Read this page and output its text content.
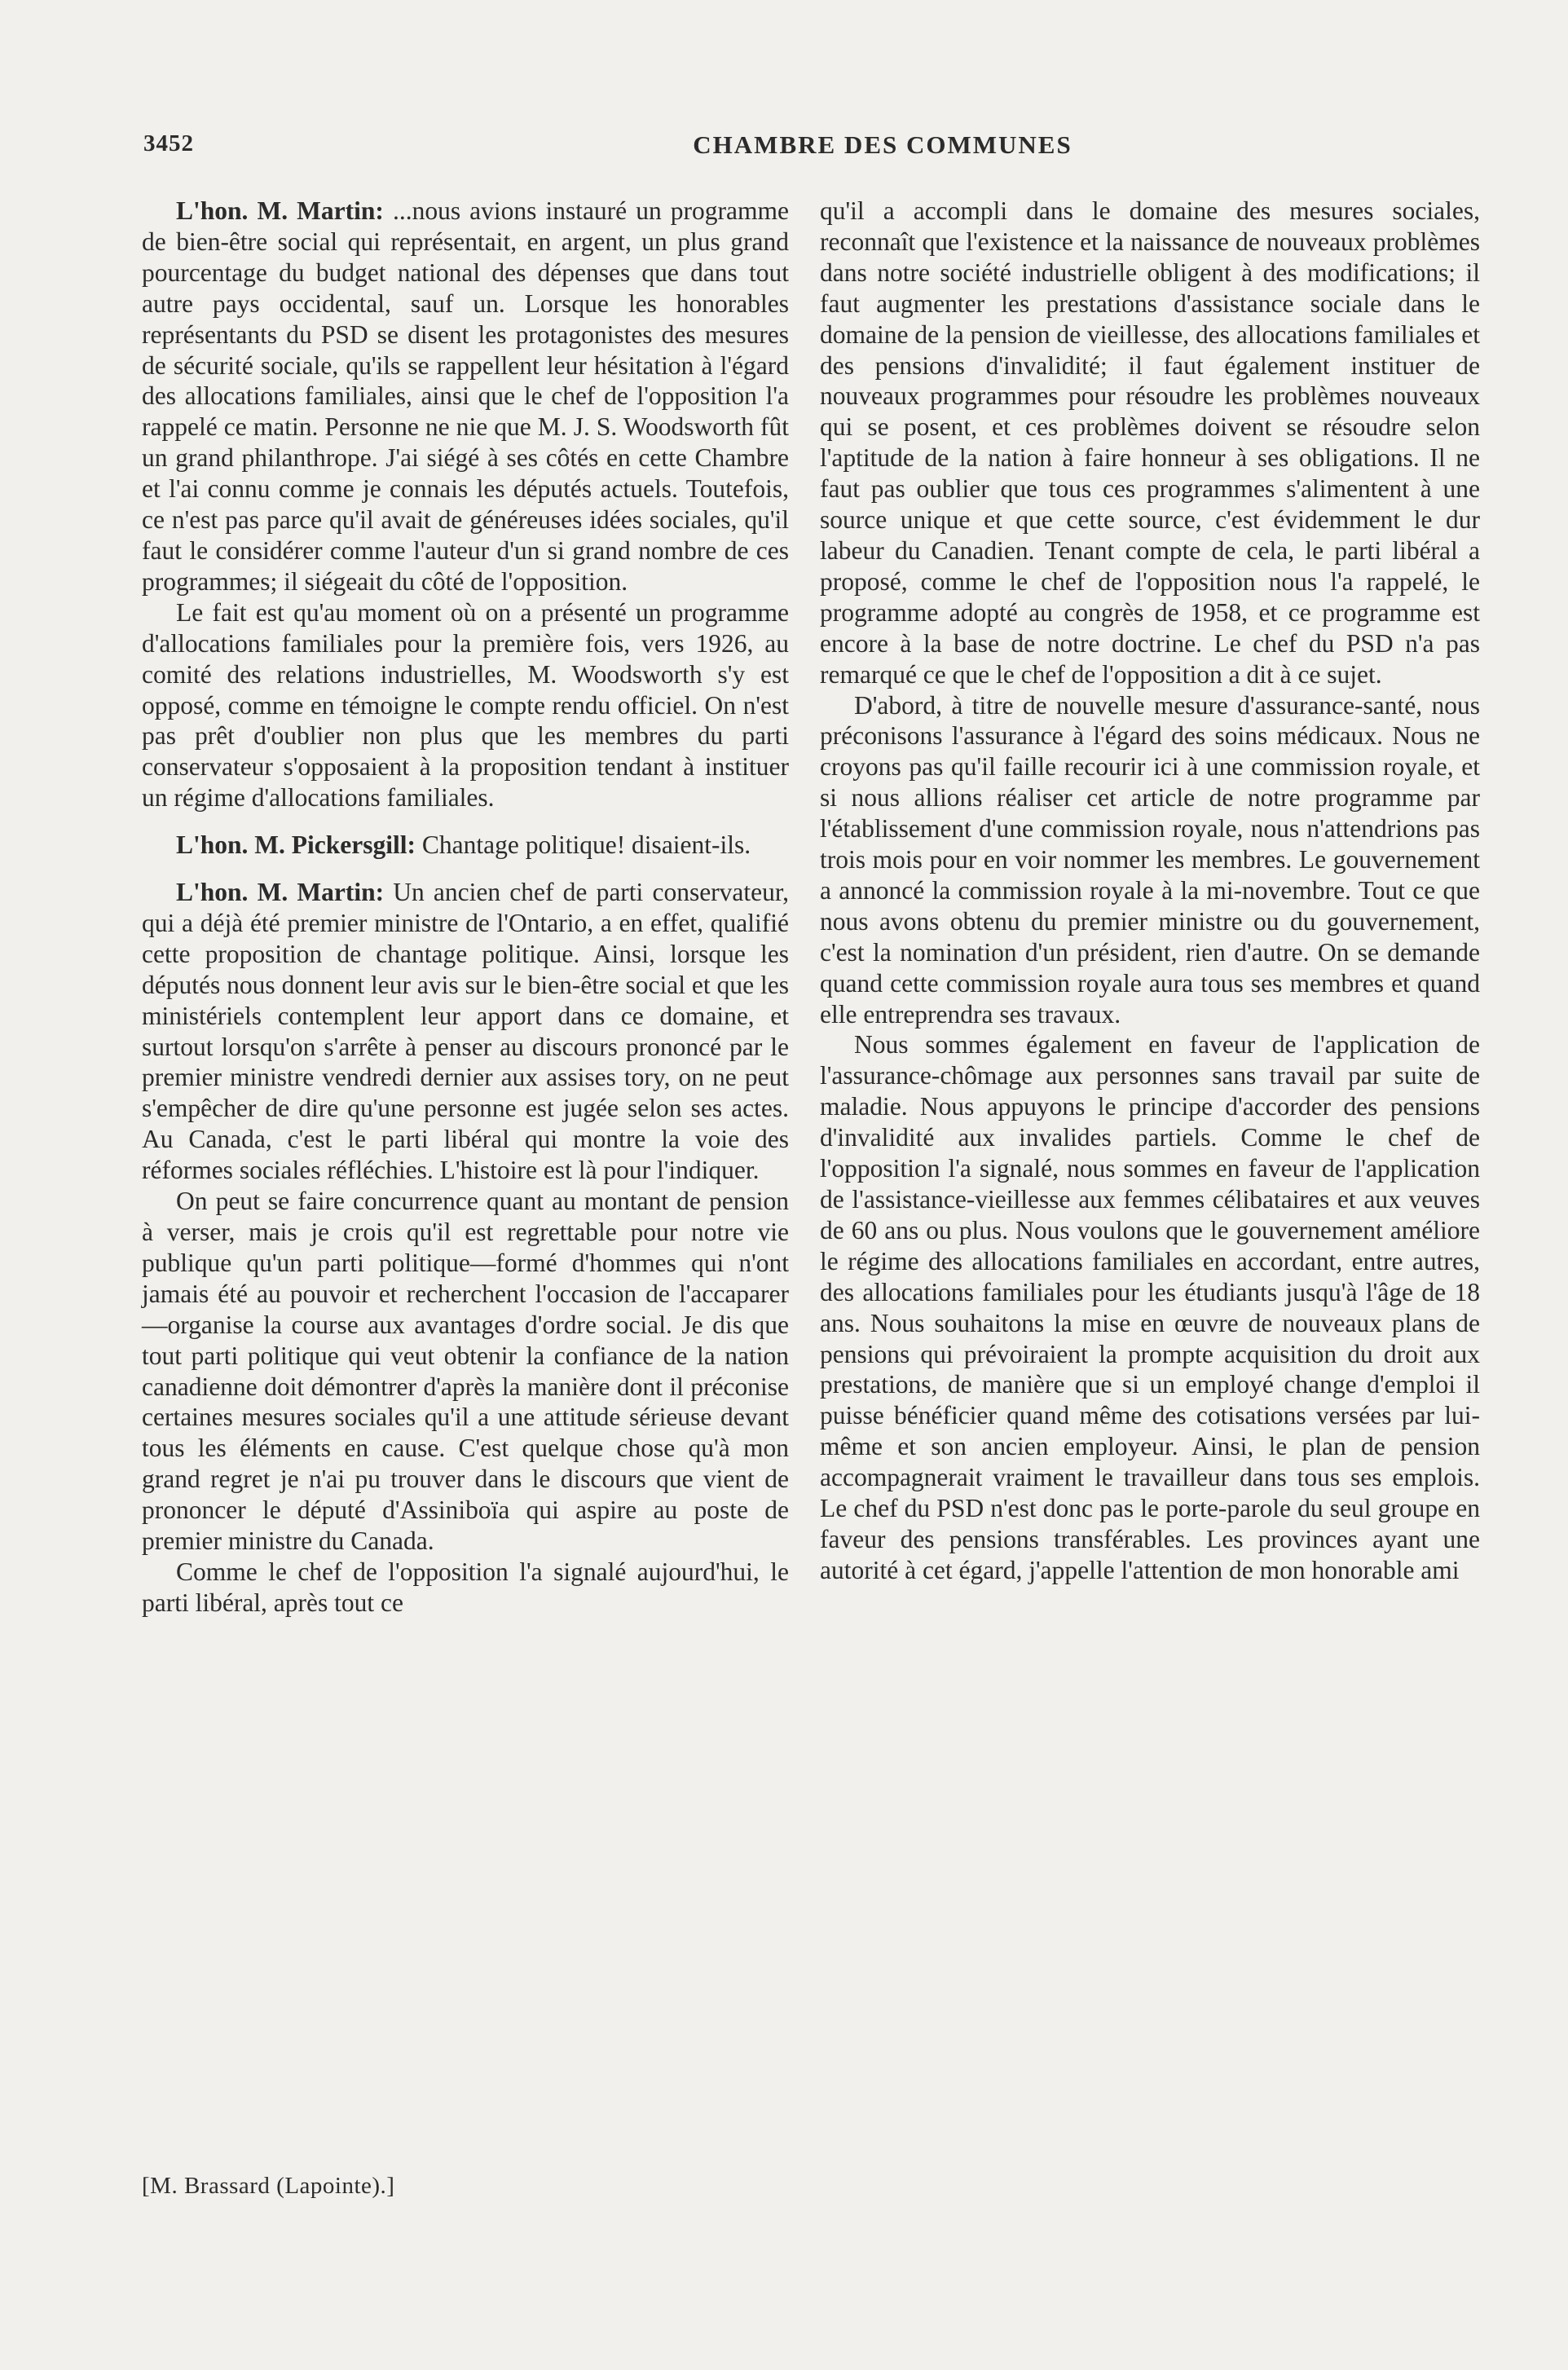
3452	CHAMBRE DES COMMUNES

L'hon. M. Martin: ...nous avions instauré un programme de bien-être social qui représentait, en argent, un plus grand pourcentage du budget national des dépenses que dans tout autre pays occidental, sauf un. Lorsque les honorables représentants du PSD se disent les protagonistes des mesures de sécurité sociale, qu'ils se rappellent leur hésitation à l'égard des allocations familiales, ainsi que le chef de l'opposition l'a rappelé ce matin. Personne ne nie que M. J. S. Woodsworth fût un grand philanthrope. J'ai siégé à ses côtés en cette Chambre et l'ai connu comme je connais les députés actuels. Toutefois, ce n'est pas parce qu'il avait de généreuses idées sociales, qu'il faut le considérer comme l'auteur d'un si grand nombre de ces programmes; il siégeait du côté de l'opposition.

Le fait est qu'au moment où on a présenté un programme d'allocations familiales pour la première fois, vers 1926, au comité des relations industrielles, M. Woodsworth s'y est opposé, comme en témoigne le compte rendu officiel. On n'est pas prêt d'oublier non plus que les membres du parti conservateur s'opposaient à la proposition tendant à instituer un régime d'allocations familiales.

L'hon. M. Pickersgill: Chantage politique! disaient-ils.

L'hon. M. Martin: Un ancien chef de parti conservateur, qui a déjà été premier ministre de l'Ontario, a en effet, qualifié cette proposition de chantage politique. Ainsi, lorsque les députés nous donnent leur avis sur le bien-être social et que les ministériels contemplent leur apport dans ce domaine, et surtout lorsqu'on s'arrête à penser au discours prononcé par le premier ministre vendredi dernier aux assises tory, on ne peut s'empêcher de dire qu'une personne est jugée selon ses actes. Au Canada, c'est le parti libéral qui montre la voie des réformes sociales réfléchies. L'histoire est là pour l'indiquer.

On peut se faire concurrence quant au montant de pension à verser, mais je crois qu'il est regrettable pour notre vie publique qu'un parti politique—formé d'hommes qui n'ont jamais été au pouvoir et recherchent l'occasion de l'accaparer—organise la course aux avantages d'ordre social. Je dis que tout parti politique qui veut obtenir la confiance de la nation canadienne doit démontrer d'après la manière dont il préconise certaines mesures sociales qu'il a une attitude sérieuse devant tous les éléments en cause. C'est quelque chose qu'à mon grand regret je n'ai pu trouver dans le discours que vient de prononcer le député d'Assiniboïa qui aspire au poste de premier ministre du Canada.

Comme le chef de l'opposition l'a signalé aujourd'hui, le parti libéral, après tout ce

qu'il a accompli dans le domaine des mesures sociales, reconnaît que l'existence et la naissance de nouveaux problèmes dans notre société industrielle obligent à des modifications; il faut augmenter les prestations d'assistance sociale dans le domaine de la pension de vieillesse, des allocations familiales et des pensions d'invalidité; il faut également instituer de nouveaux programmes pour résoudre les problèmes nouveaux qui se posent, et ces problèmes doivent se résoudre selon l'aptitude de la nation à faire honneur à ses obligations. Il ne faut pas oublier que tous ces programmes s'alimentent à une source unique et que cette source, c'est évidemment le dur labeur du Canadien. Tenant compte de cela, le parti libéral a proposé, comme le chef de l'opposition nous l'a rappelé, le programme adopté au congrès de 1958, et ce programme est encore à la base de notre doctrine. Le chef du PSD n'a pas remarqué ce que le chef de l'opposition a dit à ce sujet.

D'abord, à titre de nouvelle mesure d'assurance-santé, nous préconisons l'assurance à l'égard des soins médicaux. Nous ne croyons pas qu'il faille recourir ici à une commission royale, et si nous allions réaliser cet article de notre programme par l'établissement d'une commission royale, nous n'attendrions pas trois mois pour en voir nommer les membres. Le gouvernement a annoncé la commission royale à la mi-novembre. Tout ce que nous avons obtenu du premier ministre ou du gouvernement, c'est la nomination d'un président, rien d'autre. On se demande quand cette commission royale aura tous ses membres et quand elle entreprendra ses travaux.

Nous sommes également en faveur de l'application de l'assurance-chômage aux personnes sans travail par suite de maladie. Nous appuyons le principe d'accorder des pensions d'invalidité aux invalides partiels. Comme le chef de l'opposition l'a signalé, nous sommes en faveur de l'application de l'assistance-vieillesse aux femmes célibataires et aux veuves de 60 ans ou plus. Nous voulons que le gouvernement améliore le régime des allocations familiales en accordant, entre autres, des allocations familiales pour les étudiants jusqu'à l'âge de 18 ans. Nous souhaitons la mise en œuvre de nouveaux plans de pensions qui prévoiraient la prompte acquisition du droit aux prestations, de manière que si un employé change d'emploi il puisse bénéficier quand même des cotisations versées par lui-même et son ancien employeur. Ainsi, le plan de pension accompagnerait vraiment le travailleur dans tous ses emplois. Le chef du PSD n'est donc pas le porte-parole du seul groupe en faveur des pensions transférables. Les provinces ayant une autorité à cet égard, j'appelle l'attention de mon honorable ami

[M. Brassard (Lapointe).]
